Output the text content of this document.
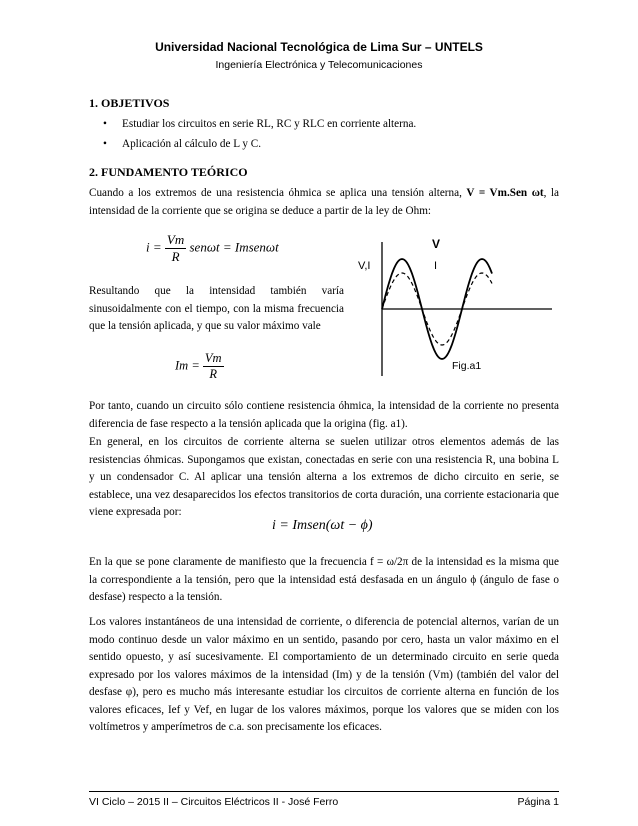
Universidad Nacional Tecnológica de Lima Sur – UNTELS
Ingeniería Electrónica y Telecomunicaciones
1. OBJETIVOS
• Estudiar los circuitos en serie RL, RC y RLC en corriente alterna.
• Aplicación al cálculo de L y C.
2. FUNDAMENTO TEÓRICO

Cuando a los extremos de una resistencia óhmica se aplica una tensión alterna, V = Vm.Sen ωt, la intensidad de la corriente que se origina se deduce a partir de la ley de Ohm:

$i = \frac{Vm}{R}$ senωt = Imsenωt

Resultando que la intensidad también varía sinusoidalmente con el tiempo, con la misma frecuencia que la tensión aplicada, y que su valor máximo vale

$Im = \frac{Vm}{R}$
V
I
V,I
Fig.a1

Por tanto, cuando un circuito sólo contiene resistencia óhmica, la intensidad de la corriente no presenta diferencia de fase respecto a la tensión aplicada que la origina (fig. a1).

En general, en los circuitos de corriente alterna se suelen utilizar otros elementos además de las resistencias óhmicas. Supongamos que existan, conectadas en serie con una resistencia R, una bobina L y un condensador C. Al aplicar una tensión alterna a los extremos de dicho circuito en serie, se establece, una vez desaparecidos los efectos transitorios de corta duración, una corriente estacionaria que viene expresada por:

i = Imsen(ωt − ϕ)

En la que se pone claramente de manifiesto que la frecuencia f = ω/2π de la intensidad es la misma que la correspondiente a la tensión, pero que la intensidad está desfasada en un ángulo ϕ (ángulo de fase o desfase) respecto a la tensión.

Los valores instantáneos de una intensidad de corriente, o diferencia de potencial alternos, varían de un modo continuo desde un valor máximo en un sentido, pasando por cero, hasta un valor máximo en el sentido opuesto, y así sucesivamente. El comportamiento de un determinado circuito en serie queda expresado por los valores máximos de la intensidad (Im) y de la tensión (Vm) (también del valor del desfase φ), pero es mucho más interesante estudiar los circuitos de corriente alterna en función de los valores eficaces, Ief y Vef, en lugar de los valores máximos, porque los valores que se miden con los voltímetros y amperímetros de c.a. son precisamente los eficaces.

VI Ciclo – 2015 II – Circuitos Eléctricos II - José Ferro	Página 1
